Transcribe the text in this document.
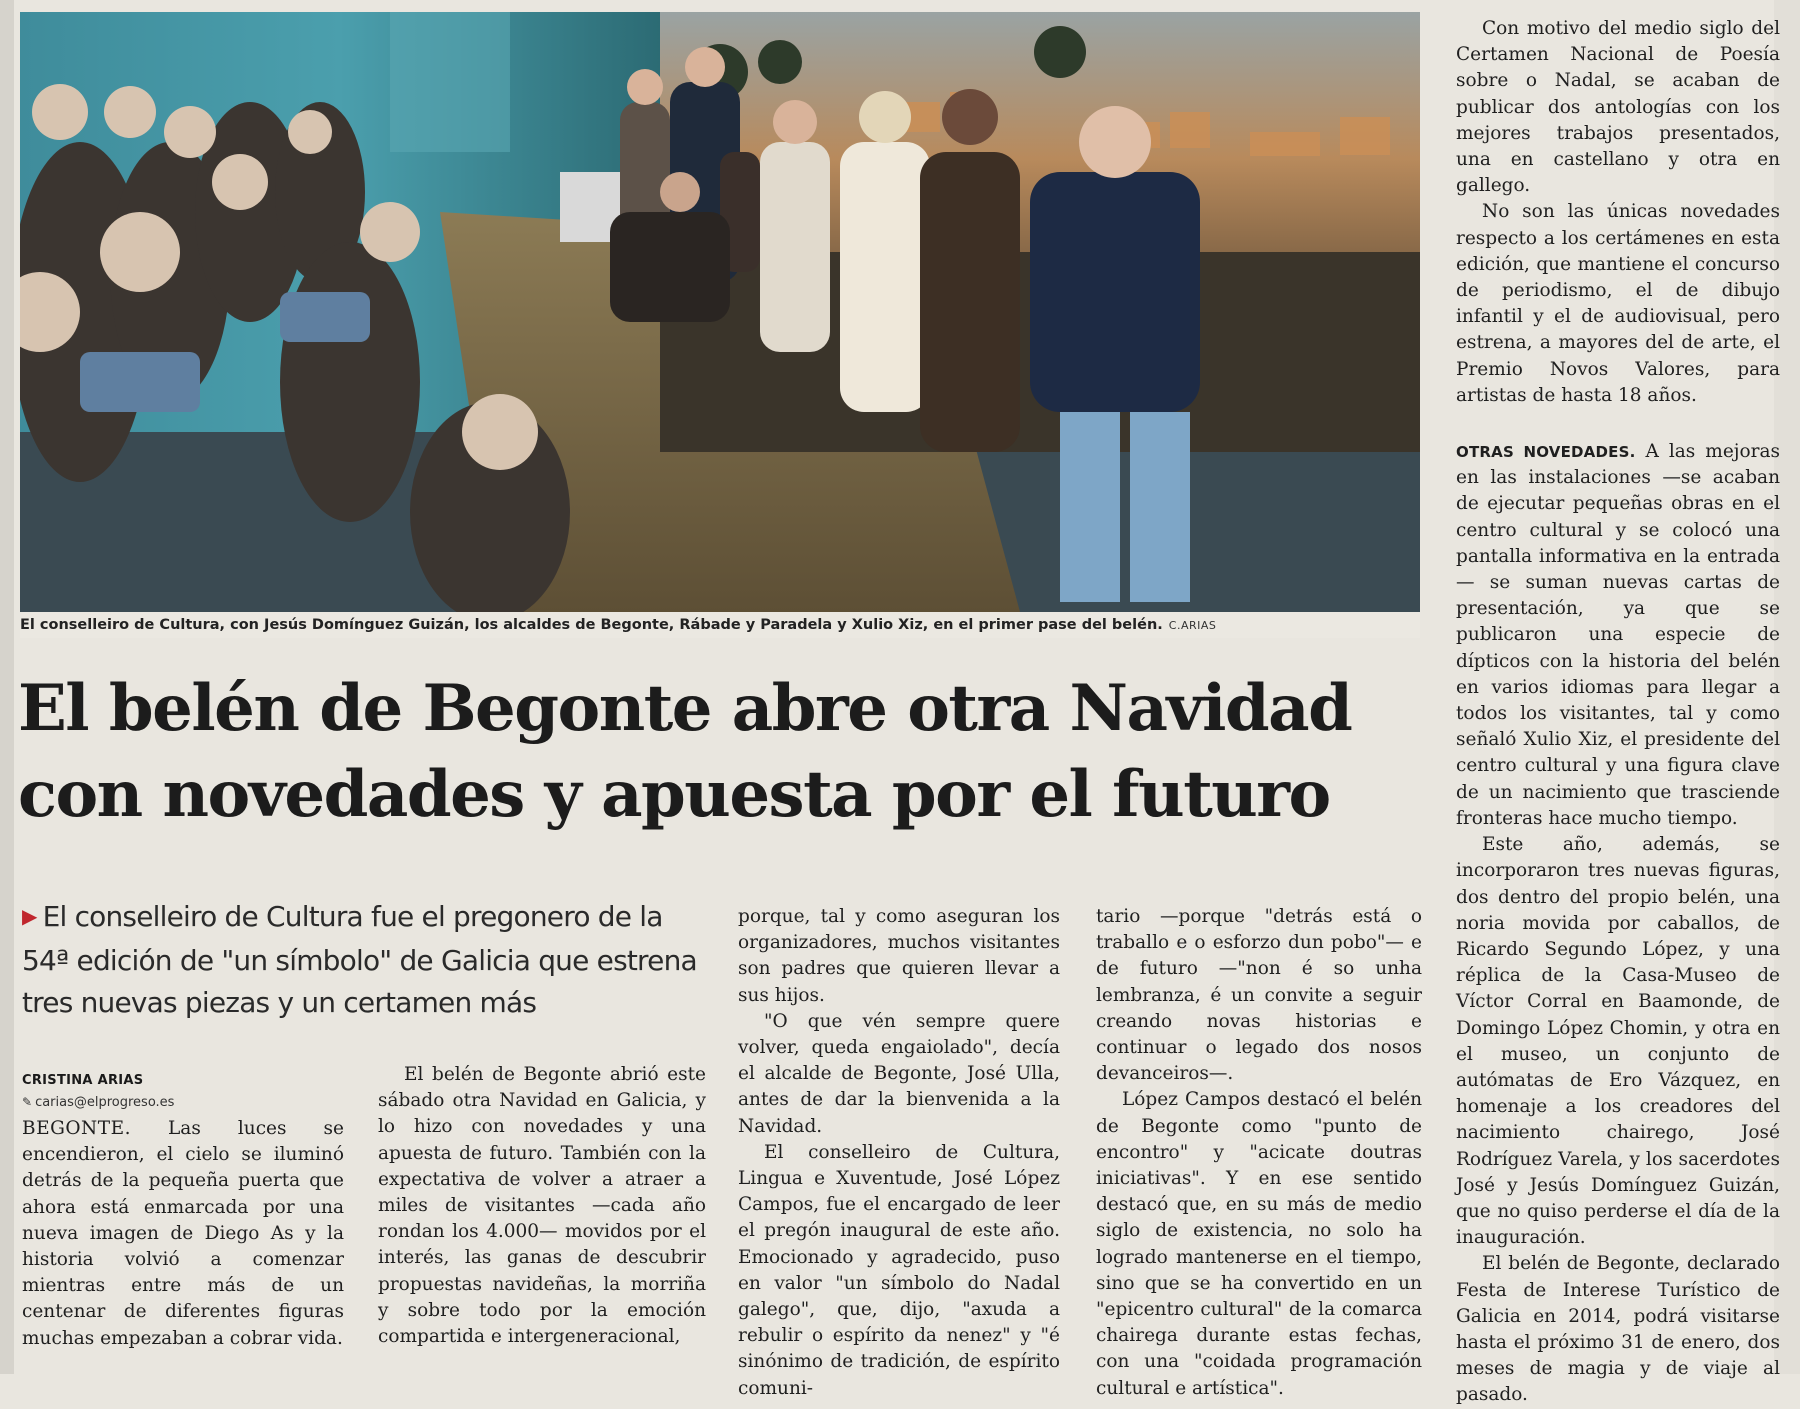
El conselleiro de Cultura, con Jesús Domínguez Guizán, los alcaldes de Begonte, Rábade y Paradela y Xulio Xiz, en el primer pase del belén. C.ARIAS
El belén de Begonte abre otra Navidad
con novedades y apuesta por el futuro
▶ El conselleiro de Cultura fue el pregonero de la 54ª edición de "un símbolo" de Galicia que estrena tres nuevas piezas y un certamen más
CRISTINA ARIAS
✎ carias@elprogreso.es

BEGONTE. Las luces se encendieron, el cielo se iluminó detrás de la pequeña puerta que ahora está enmarcada por una nueva imagen de Diego As y la historia volvió a comenzar mientras entre más de un centenar de diferentes figuras muchas empezaban a cobrar vida.

El belén de Begonte abrió este sábado otra Navidad en Galicia, y lo hizo con novedades y una apuesta de futuro. También con la expectativa de volver a atraer a miles de visitantes —cada año rondan los 4.000— movidos por el interés, las ganas de descubrir propuestas navideñas, la morriña y sobre todo por la emoción compartida e intergeneracional,

porque, tal y como aseguran los organizadores, muchos visitantes son padres que quieren llevar a sus hijos.

"O que vén sempre quere volver, queda engaiolado", decía el alcalde de Begonte, José Ulla, antes de dar la bienvenida a la Navidad.

El conselleiro de Cultura, Lingua e Xuventude, José López Campos, fue el encargado de leer el pregón inaugural de este año. Emocionado y agradecido, puso en valor "un símbolo do Nadal galego", que, dijo, "axuda a rebulir o espírito da nenez" y "é sinónimo de tradición, de espírito comuni-

tario —porque "detrás está o traballo e o esforzo dun pobo"— e de futuro —"non é so unha lembranza, é un convite a seguir creando novas historias e continuar o legado dos nosos devanceiros—.

López Campos destacó el belén de Begonte como "punto de encontro" y "acicate doutras iniciativas". Y en ese sentido destacó que, en su más de medio siglo de existencia, no solo ha logrado mantenerse en el tiempo, sino que se ha convertido en un "epicentro cultural" de la comarca chairega durante estas fechas, con una "coidada programación cultural e artística".

Con motivo del medio siglo del Certamen Nacional de Poesía sobre o Nadal, se acaban de publicar dos antologías con los mejores trabajos presentados, una en castellano y otra en gallego.

No son las únicas novedades respecto a los certámenes en esta edición, que mantiene el concurso de periodismo, el de dibujo infantil y el de audiovisual, pero estrena, a mayores del de arte, el Premio Novos Valores, para artistas de hasta 18 años.

OTRAS NOVEDADES. A las mejoras en las instalaciones —se acaban de ejecutar pequeñas obras en el centro cultural y se colocó una pantalla informativa en la entrada— se suman nuevas cartas de presentación, ya que se publicaron una especie de dípticos con la historia del belén en varios idiomas para llegar a todos los visitantes, tal y como señaló Xulio Xiz, el presidente del centro cultural y una figura clave de un nacimiento que trasciende fronteras hace mucho tiempo.

Este año, además, se incorporaron tres nuevas figuras, dos dentro del propio belén, una noria movida por caballos, de Ricardo Segundo López, y una réplica de la Casa-Museo de Víctor Corral en Baamonde, de Domingo López Chomin, y otra en el museo, un conjunto de autómatas de Ero Vázquez, en homenaje a los creadores del nacimiento chairego, José Rodríguez Varela, y los sacerdotes José y Jesús Domínguez Guizán, que no quiso perderse el día de la inauguración.

El belén de Begonte, declarado Festa de Interese Turístico de Galicia en 2014, podrá visitarse hasta el próximo 31 de enero, dos meses de magia y de viaje al pasado.
